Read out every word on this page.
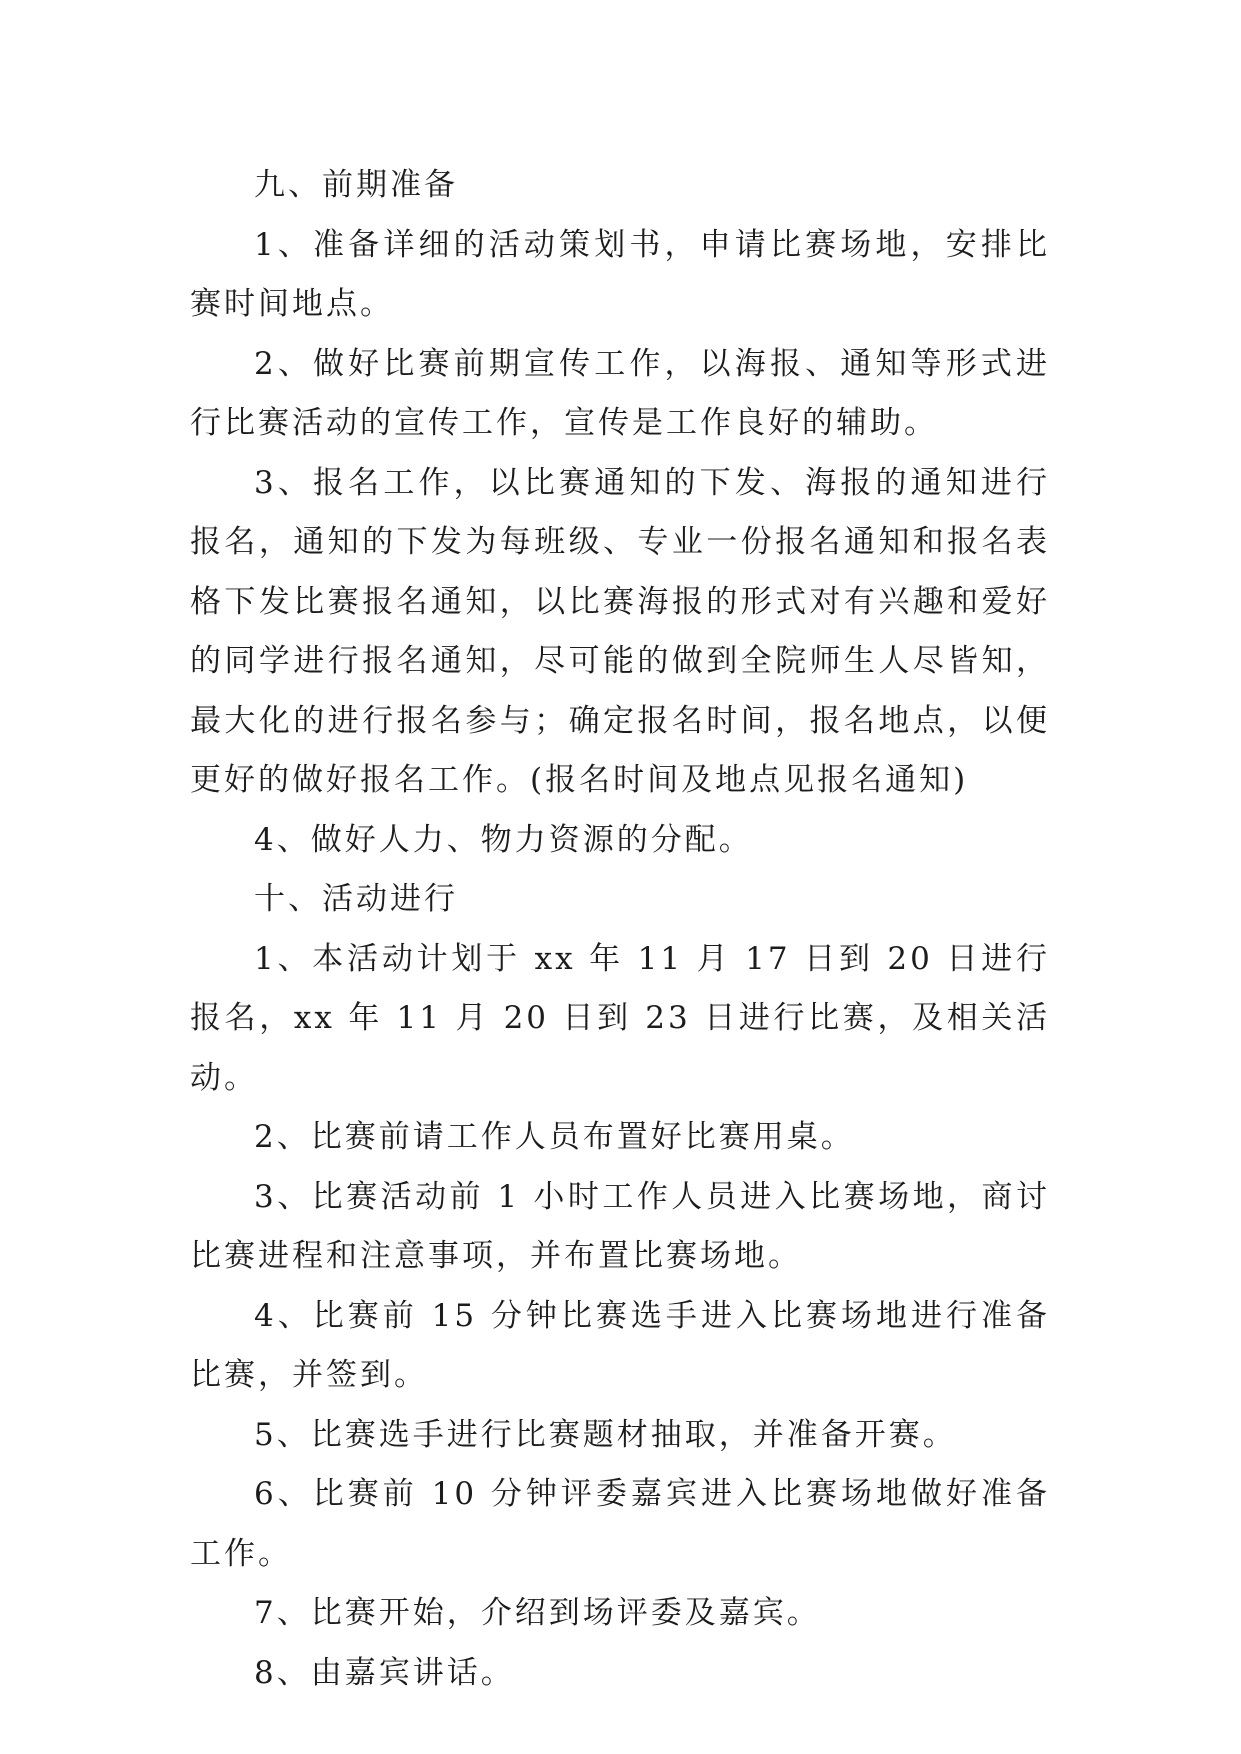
九、前期准备

1、准备详细的活动策划书，申请比赛场地，安排比赛时间地点。

2、做好比赛前期宣传工作，以海报、通知等形式进行比赛活动的宣传工作，宣传是工作良好的辅助。

3、报名工作，以比赛通知的下发、海报的通知进行报名，通知的下发为每班级、专业一份报名通知和报名表格下发比赛报名通知，以比赛海报的形式对有兴趣和爱好的同学进行报名通知，尽可能的做到全院师生人尽皆知，最大化的进行报名参与；确定报名时间，报名地点，以便更好的做好报名工作。(报名时间及地点见报名通知)

4、做好人力、物力资源的分配。

十、活动进行

1、本活动计划于 xx 年 11 月 17 日到 20 日进行报名，xx 年 11 月 20 日到 23 日进行比赛，及相关活动。

2、比赛前请工作人员布置好比赛用桌。

3、比赛活动前 1 小时工作人员进入比赛场地，商讨比赛进程和注意事项，并布置比赛场地。

4、比赛前 15 分钟比赛选手进入比赛场地进行准备比赛，并签到。

5、比赛选手进行比赛题材抽取，并准备开赛。

6、比赛前 10 分钟评委嘉宾进入比赛场地做好准备工作。

7、比赛开始，介绍到场评委及嘉宾。

8、由嘉宾讲话。
